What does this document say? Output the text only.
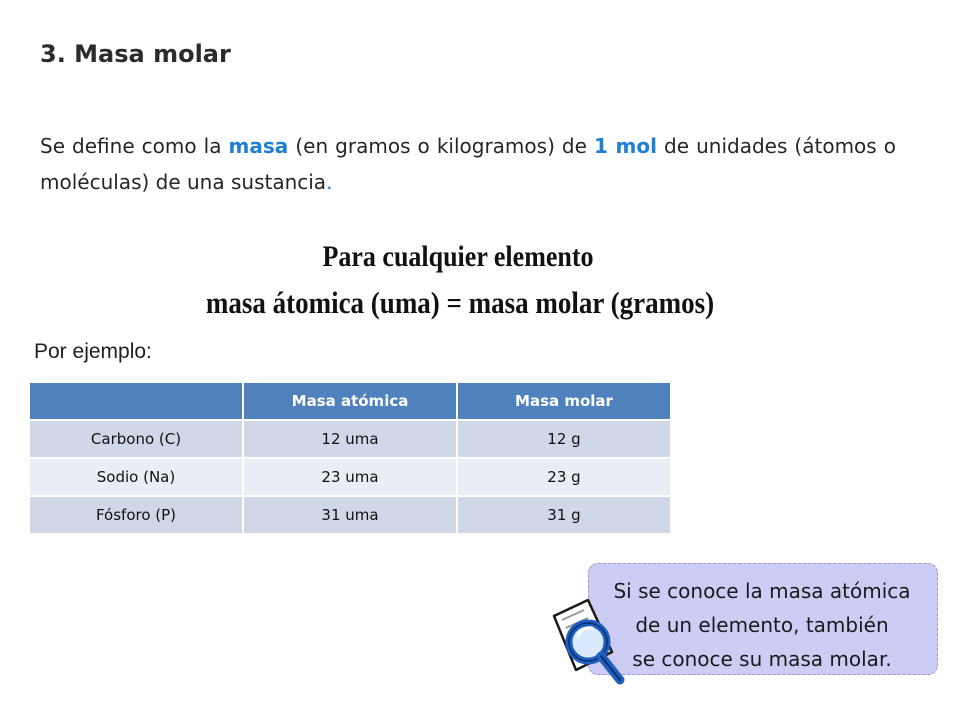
3. Masa molar
Se define como la masa (en gramos o kilogramos) de 1 mol de unidades (átomos o moléculas) de una sustancia.
Para cualquier elemento
masa átomica (uma) = masa molar (gramos)
Por ejemplo:
	Masa atómica	Masa molar
Carbono (C)	12 uma	12 g
Sodio (Na)	23 uma	23 g
Fósforo (P)	31 uma	31 g
Si se conoce la masa atómica
de un elemento, también
se conoce su masa molar.
